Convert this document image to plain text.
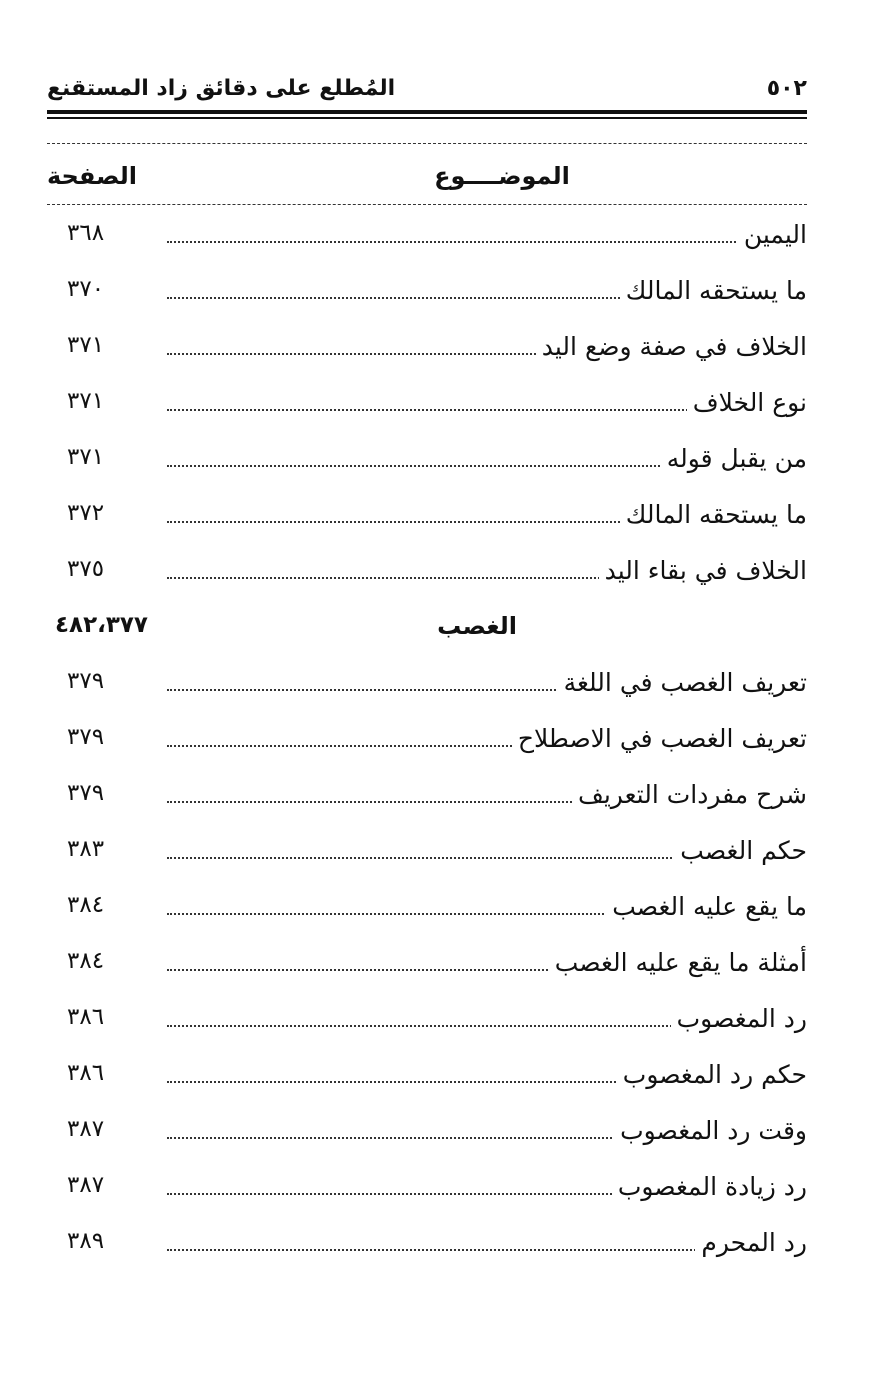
٥٠٢
المُطلع على دقائق زاد المستقنع
الموضــــوع
الصفحة
اليمين
٣٦٨
ما يستحقه المالك
٣٧٠
الخلاف في صفة وضع اليد
٣٧١
نوع الخلاف
٣٧١
من يقبل قوله
٣٧١
ما يستحقه المالك
٣٧٢
الخلاف في بقاء اليد
٣٧٥
الغصب
٤٨٢،٣٧٧
تعريف الغصب في اللغة
٣٧٩
تعريف الغصب في الاصطلاح
٣٧٩
شرح مفردات التعريف
٣٧٩
حكم الغصب
٣٨٣
ما يقع عليه الغصب
٣٨٤
أمثلة ما يقع عليه الغصب
٣٨٤
رد المغصوب
٣٨٦
حكم رد المغصوب
٣٨٦
وقت رد المغصوب
٣٨٧
رد زيادة المغصوب
٣٨٧
رد المحرم
٣٨٩
